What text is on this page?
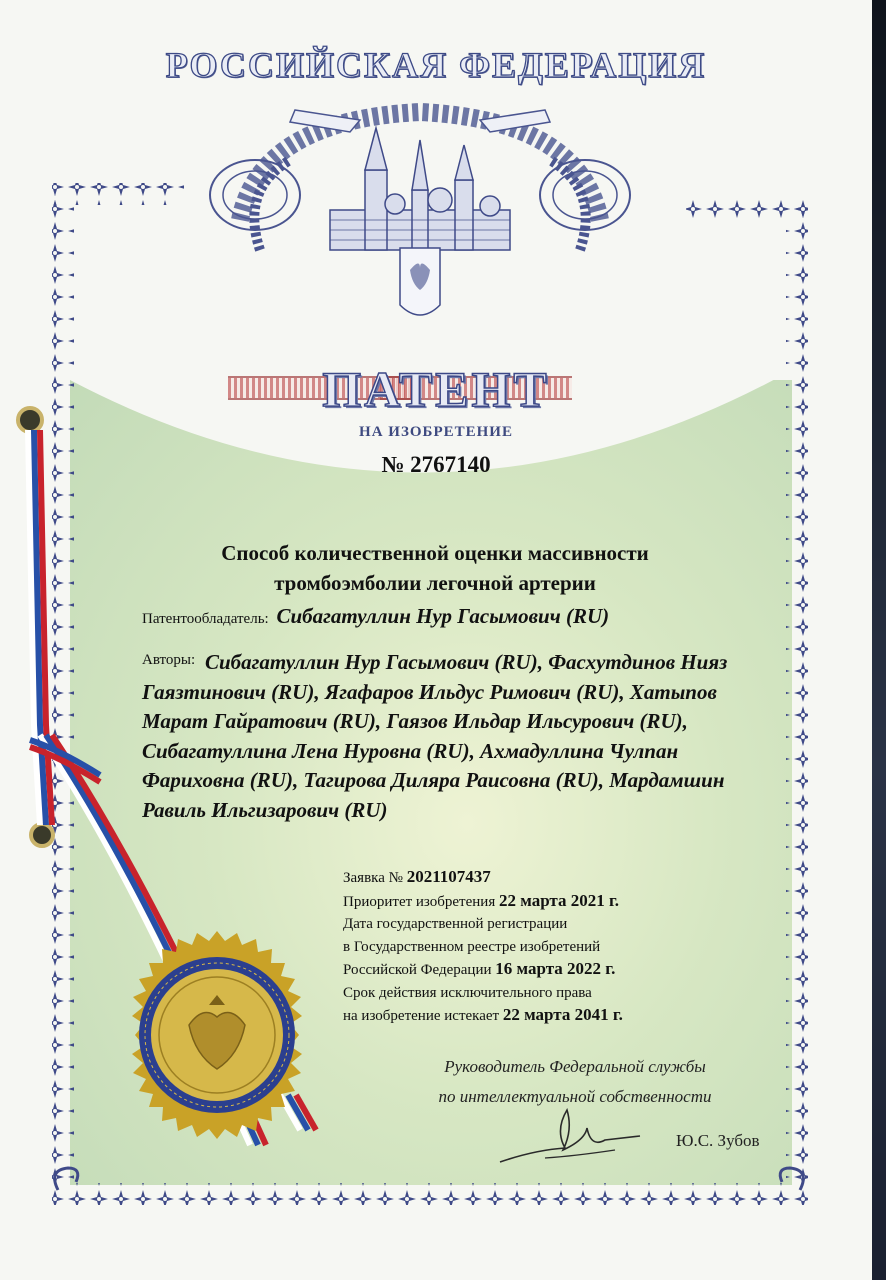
РОССИЙСКАЯ ФЕДЕРАЦИЯ
ПАТЕНТ
НА ИЗОБРЕТЕНИЕ
№ 2767140
Способ количественной оценки массивности
тромбоэмболии легочной артерии
Патентообладатель: Сибагатуллин Нур Гасымович (RU)
Авторы: Сибагатуллин Нур Гасымович (RU), Фасхутдинов Нияз Гаязтинович (RU), Ягафаров Ильдус Римович (RU), Хатыпов Марат Гайратович (RU), Гаязов Ильдар Ильсурович (RU), Сибагатуллина Лена Нуровна (RU), Ахмадуллина Чулпан Фариховна (RU), Тагирова Диляра Раисовна (RU), Мардамшин Равиль Ильгизарович (RU)
Заявка № 2021107437
Приоритет изобретения 22 марта 2021 г.
Дата государственной регистрации
в Государственном реестре изобретений
Российской Федерации 16 марта 2022 г.
Срок действия исключительного права
на изобретение истекает 22 марта 2041 г.
Руководитель Федеральной службы
по интеллектуальной собственности
Ю.С. Зубов
